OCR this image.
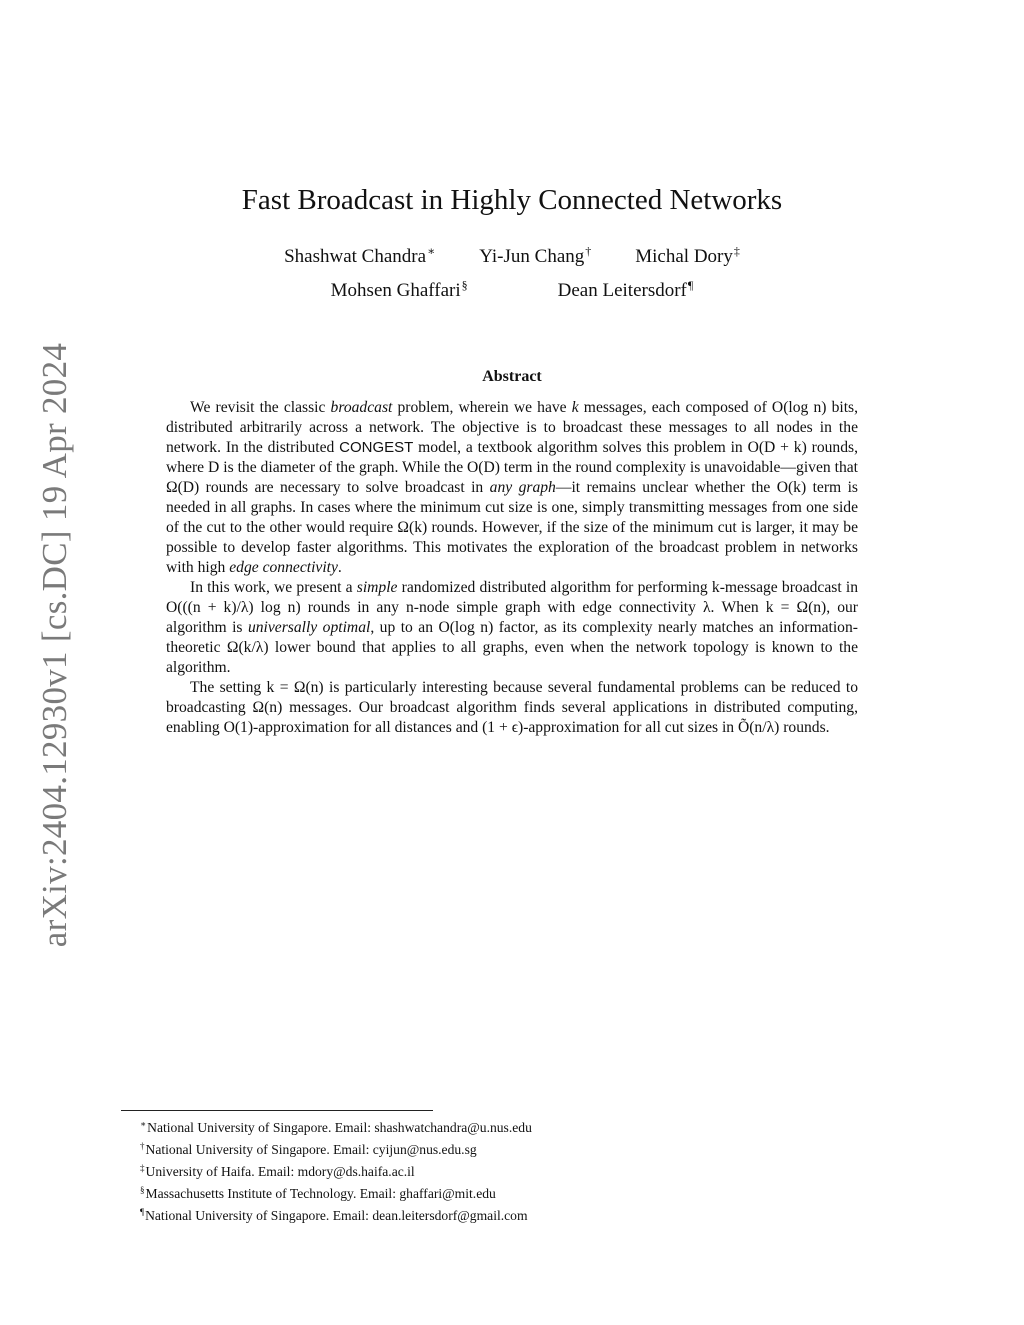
arXiv:2404.12930v1 [cs.DC] 19 Apr 2024
Fast Broadcast in Highly Connected Networks
Shashwat Chandra∗ Yi-Jun Chang† Michal Dory‡
Mohsen Ghaffari§	Dean Leitersdorf¶
Abstract

We revisit the classic broadcast problem, wherein we have k messages, each composed of O(log n) bits, distributed arbitrarily across a network. The objective is to broadcast these messages to all nodes in the network. In the distributed CONGEST model, a textbook algorithm solves this problem in O(D + k) rounds, where D is the diameter of the graph. While the O(D) term in the round complexity is unavoidable—given that Ω(D) rounds are necessary to solve broadcast in any graph—it remains unclear whether the O(k) term is needed in all graphs. In cases where the minimum cut size is one, simply transmitting messages from one side of the cut to the other would require Ω(k) rounds. However, if the size of the minimum cut is larger, it may be possible to develop faster algorithms. This motivates the exploration of the broadcast problem in networks with high edge connectivity.

In this work, we present a simple randomized distributed algorithm for performing k-message broadcast in O(((n + k)/λ) log n) rounds in any n-node simple graph with edge connectivity λ. When k = Ω(n), our algorithm is universally optimal, up to an O(log n) factor, as its complexity nearly matches an information-theoretic Ω(k/λ) lower bound that applies to all graphs, even when the network topology is known to the algorithm.

The setting k = Ω(n) is particularly interesting because several fundamental problems can be reduced to broadcasting Ω(n) messages. Our broadcast algorithm finds several applications in distributed computing, enabling O(1)-approximation for all distances and (1 + ϵ)-approximation for all cut sizes in Õ(n/λ) rounds.

∗National University of Singapore. Email: shashwatchandra@u.nus.edu
†National University of Singapore. Email: cyijun@nus.edu.sg
‡University of Haifa. Email: mdory@ds.haifa.ac.il
§Massachusetts Institute of Technology. Email: ghaffari@mit.edu
¶National University of Singapore. Email: dean.leitersdorf@gmail.com
